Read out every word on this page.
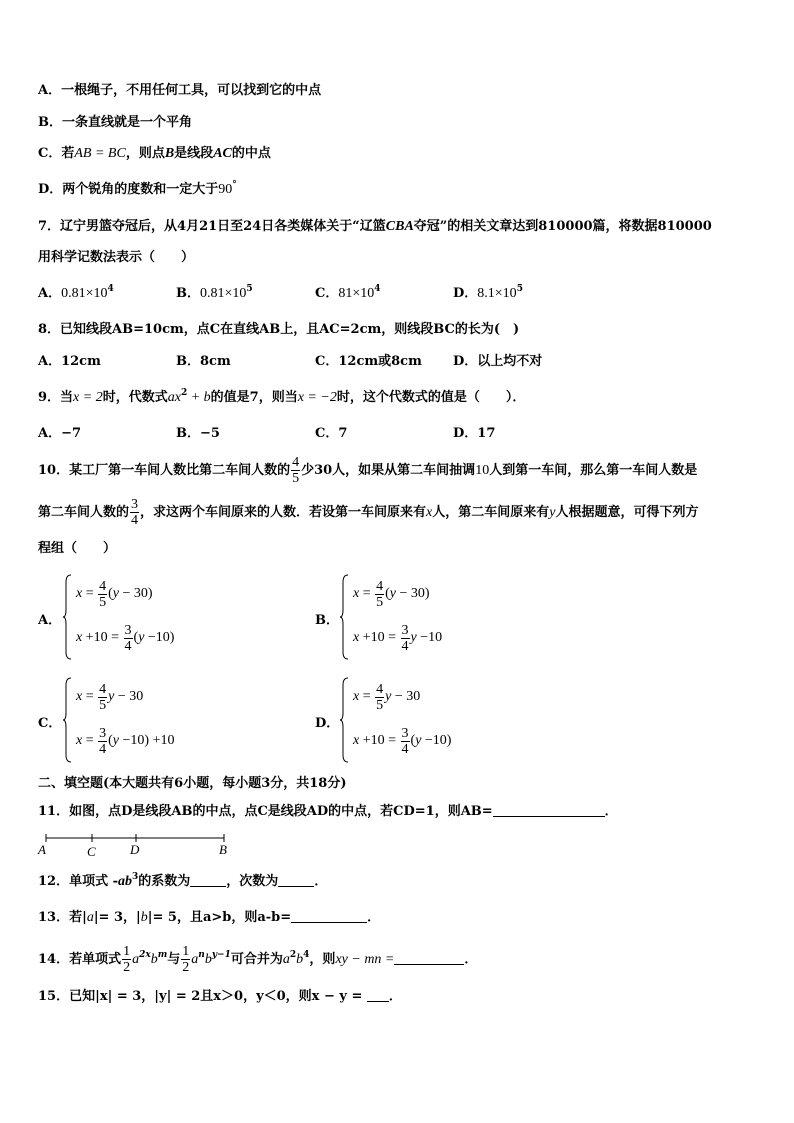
A．一根绳子，不用任何工具，可以找到它的中点
B．一条直线就是一个平角
C．若AB = BC，则点B是线段AC的中点
D．两个锐角的度数和一定大于90°
7．辽宁男篮夺冠后，从4月21日至24日各类媒体关于“辽篮CBA夺冠”的相关文章达到810000篇，将数据810000
用科学记数法表示（　　）
A．$0.81\times 10^4$	B．$0.81\times 10^5$	C．$81\times 10^4$	D．$8.1\times 10^5$
8．已知线段AB=10cm，点C在直线AB上，且AC=2cm，则线段BC的长为(　)
A．12cm	B．8cm	C．12cm或8cm D．以上均不对
9．当x = 2时，代数式$ax^2 + b$的值是7，则当x = −2时，这个代数式的值是（　　）．
A．−7	B．−5	C．7	D．17
10．某工厂第一车间人数比第二车间人数的 $\frac{4}{5}$ 少30人，如果从第二车间抽调10人到第一车间，那么第一车间人数是
第二车间人数的 $\frac{3}{4}$ ，求这两个车间原来的人数．若设第一车间原来有x人，第二车间原来有y人根据题意，可得下列方
程组（　　）
A．
$x = \frac{4}{5}$ ( y − 30)
$x +10 = \frac{3}{4}$ ( y −10)
B．
$x = \frac{4}{5}$ ( y − 30)
$x +10 = \frac{3}{4}$ y −10
C．
$x = \frac{4}{5}$ y − 30
$x = \frac{3}{4}$ ( y −10) +10
D．
$x = \frac{4}{5}$ y − 30
$x +10 = \frac{3}{4}$ ( y −10)
二、填空题(本大题共有6小题，每小题3分，共18分)
11．如图，点D是线段AB的中点，点C是线段AD的中点，若CD=1，则AB=	．
A	C	D	B
12．单项式 $-ab^3$的系数为	，次数为	．
13．若|a|= 3，|b|= 5，且a>b，则a-b=	．
14．若单项式 $\frac{1}{2} a^{2x}b^m$与 $\frac{1}{2} a^nb^{y-1}$可合并为$a^2b^4$，则xy − mn =	．
15．已知|x| = 3，|y| = 2且x＞0，y＜0，则x − y = ．
